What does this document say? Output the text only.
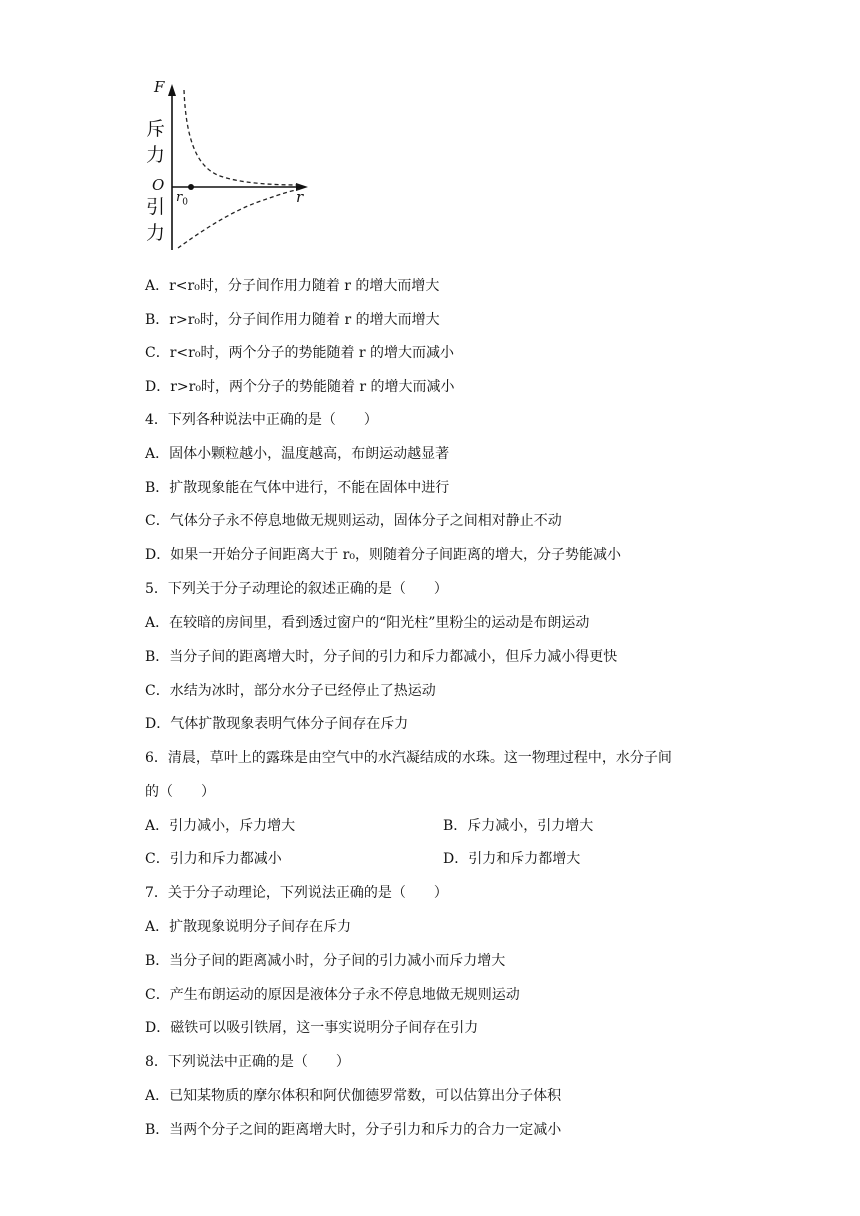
F
斥力
O
$r_0$	r
引力
A．r<r₀时，分子间作用力随着 r 的增大而增大
B．r>r₀时，分子间作用力随着 r 的增大而增大
C．r<r₀时，两个分子的势能随着 r 的增大而减小
D．r>r₀时，两个分子的势能随着 r 的增大而减小
4．下列各种说法中正确的是（　　）
A．固体小颗粒越小，温度越高，布朗运动越显著
B．扩散现象能在气体中进行，不能在固体中进行
C．气体分子永不停息地做无规则运动，固体分子之间相对静止不动
D．如果一开始分子间距离大于 r₀，则随着分子间距离的增大，分子势能减小
5．下列关于分子动理论的叙述正确的是（　　）
A．在较暗的房间里，看到透过窗户的“阳光柱”里粉尘的运动是布朗运动
B．当分子间的距离增大时，分子间的引力和斥力都减小，但斥力减小得更快
C．水结为冰时，部分水分子已经停止了热运动
D．气体扩散现象表明气体分子间存在斥力
6．清晨，草叶上的露珠是由空气中的水汽凝结成的水珠。这一物理过程中，水分子间
的（　　）
A．引力减小，斥力增大	B．斥力减小，引力增大
C．引力和斥力都减小	D．引力和斥力都增大
7．关于分子动理论，下列说法正确的是（　　）
A．扩散现象说明分子间存在斥力
B．当分子间的距离减小时，分子间的引力减小而斥力增大
C．产生布朗运动的原因是液体分子永不停息地做无规则运动
D．磁铁可以吸引铁屑，这一事实说明分子间存在引力
8．下列说法中正确的是（　　）
A．已知某物质的摩尔体积和阿伏伽德罗常数，可以估算出分子体积
B．当两个分子之间的距离增大时，分子引力和斥力的合力一定减小
